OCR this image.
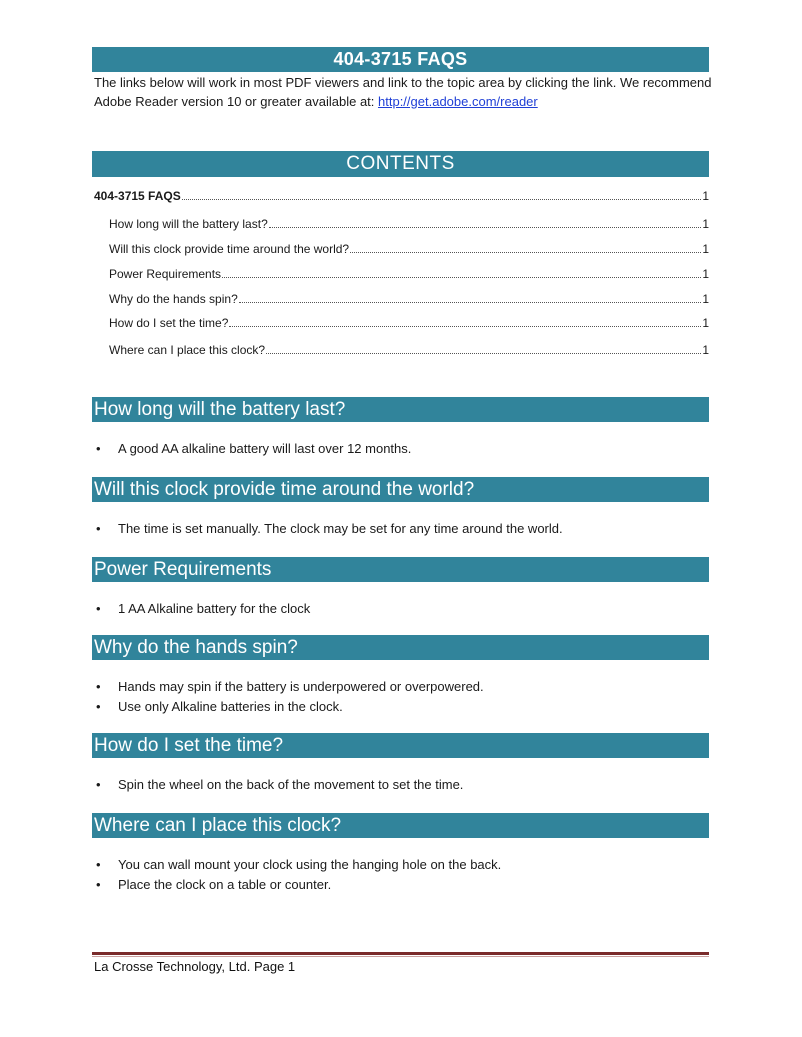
404-3715 FAQS
The links below will work in most PDF viewers and link to the topic area by clicking the link. We recommend Adobe Reader version 10 or greater available at: http://get.adobe.com/reader
CONTENTS
404-3715 FAQS	1
How long will the battery last?	1
Will this clock provide time around the world?	1
Power Requirements	1
Why do the hands spin?	1
How do I set the time?	1
Where can I place this clock?	1
How long will the battery last?
• A good AA alkaline battery will last over 12 months.
Will this clock provide time around the world?
• The time is set manually. The clock may be set for any time around the world.
Power Requirements
• 1 AA Alkaline battery for the clock
Why do the hands spin?
• Hands may spin if the battery is underpowered or overpowered.
• Use only Alkaline batteries in the clock.
How do I set the time?
• Spin the wheel on the back of the movement to set the time.
Where can I place this clock?
• You can wall mount your clock using the hanging hole on the back.
• Place the clock on a table or counter.
La Crosse Technology, Ltd. Page 1
